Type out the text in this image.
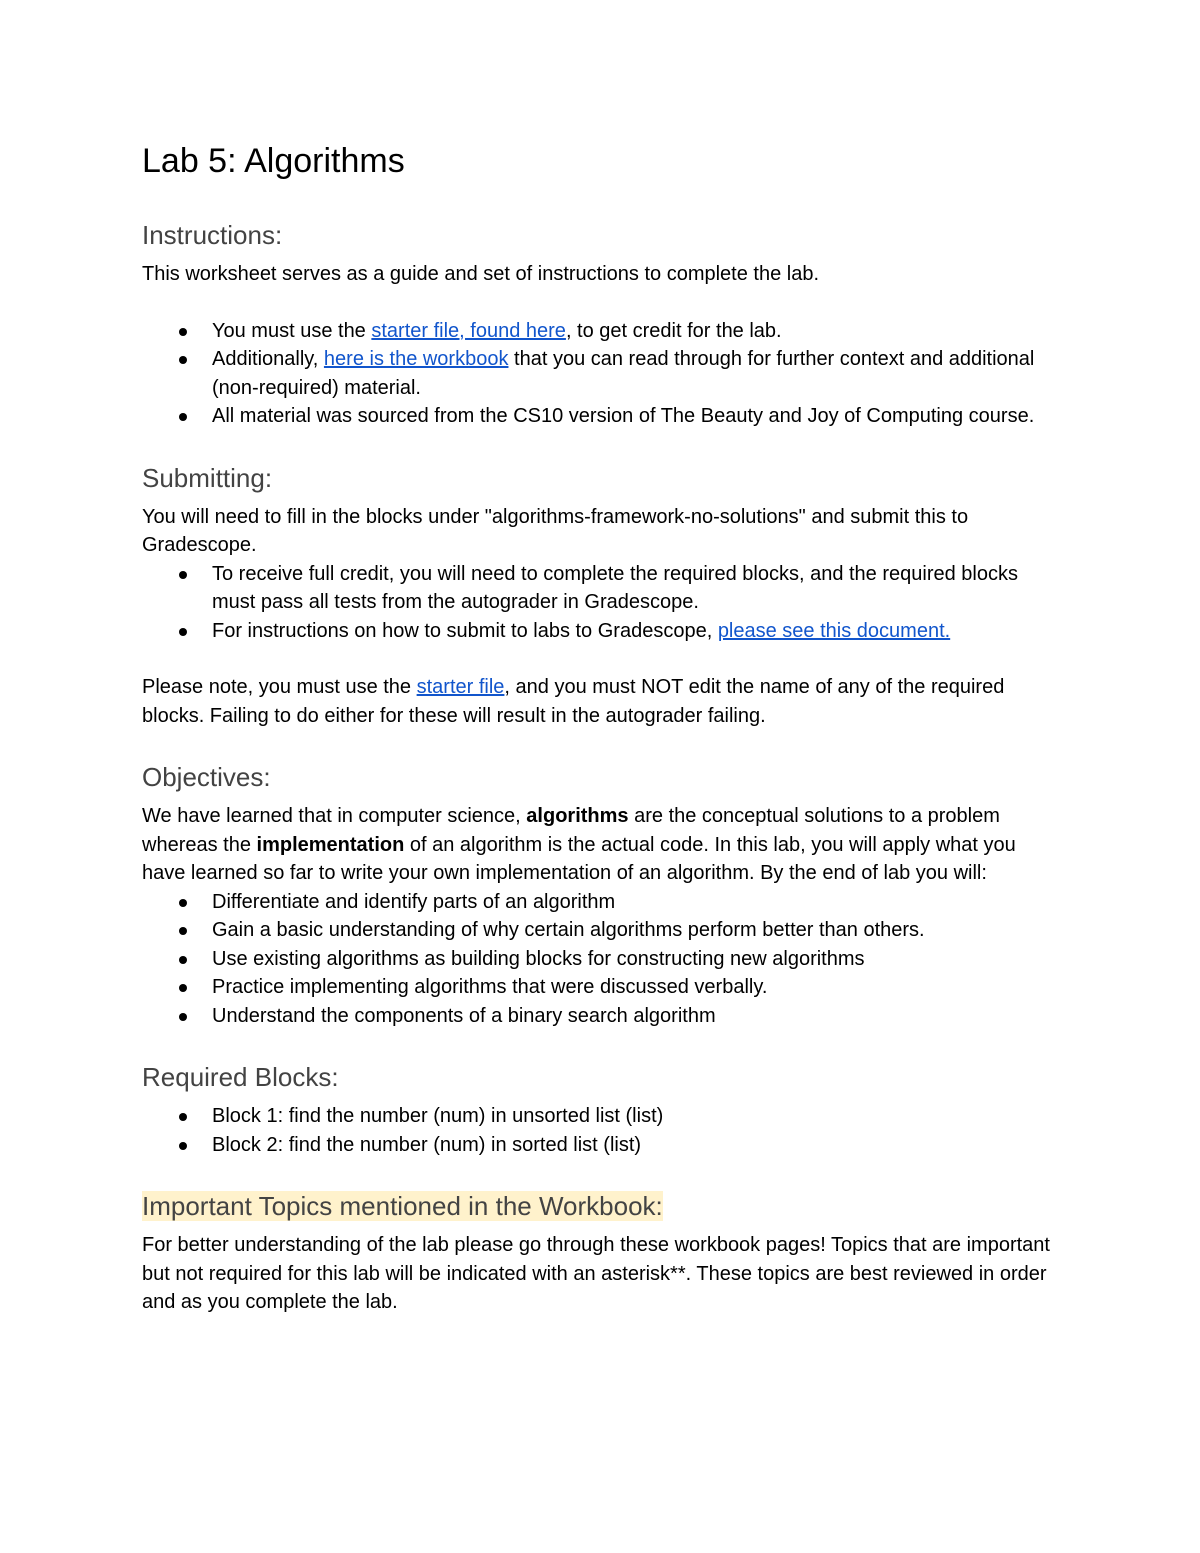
Lab 5: Algorithms
Instructions:

This worksheet serves as a guide and set of instructions to complete the lab.

You must use the starter file, found here, to get credit for the lab.
Additionally, here is the workbook that you can read through for further context and additional (non-required) material.
All material was sourced from the CS10 version of The Beauty and Joy of Computing course.
Submitting:

You will need to fill in the blocks under "algorithms-framework-no-solutions" and submit this to Gradescope.

To receive full credit, you will need to complete the required blocks, and the required blocks must pass all tests from the autograder in Gradescope.
For instructions on how to submit to labs to Gradescope, please see this document.

Please note, you must use the starter file, and you must NOT edit the name of any of the required blocks. Failing to do either for these will result in the autograder failing.

Objectives:

We have learned that in computer science, algorithms are the conceptual solutions to a problem whereas the implementation of an algorithm is the actual code. In this lab, you will apply what you have learned so far to write your own implementation of an algorithm. By the end of lab you will:

Differentiate and identify parts of an algorithm
Gain a basic understanding of why certain algorithms perform better than others.
Use existing algorithms as building blocks for constructing new algorithms
Practice implementing algorithms that were discussed verbally.
Understand the components of a binary search algorithm
Required Blocks:
Block 1: find the number (num) in unsorted list (list)
Block 2: find the number (num) in sorted list (list)
Important Topics mentioned in the Workbook:

For better understanding of the lab please go through these workbook pages! Topics that are important but not required for this lab will be indicated with an asterisk**. These topics are best reviewed in order and as you complete the lab.
